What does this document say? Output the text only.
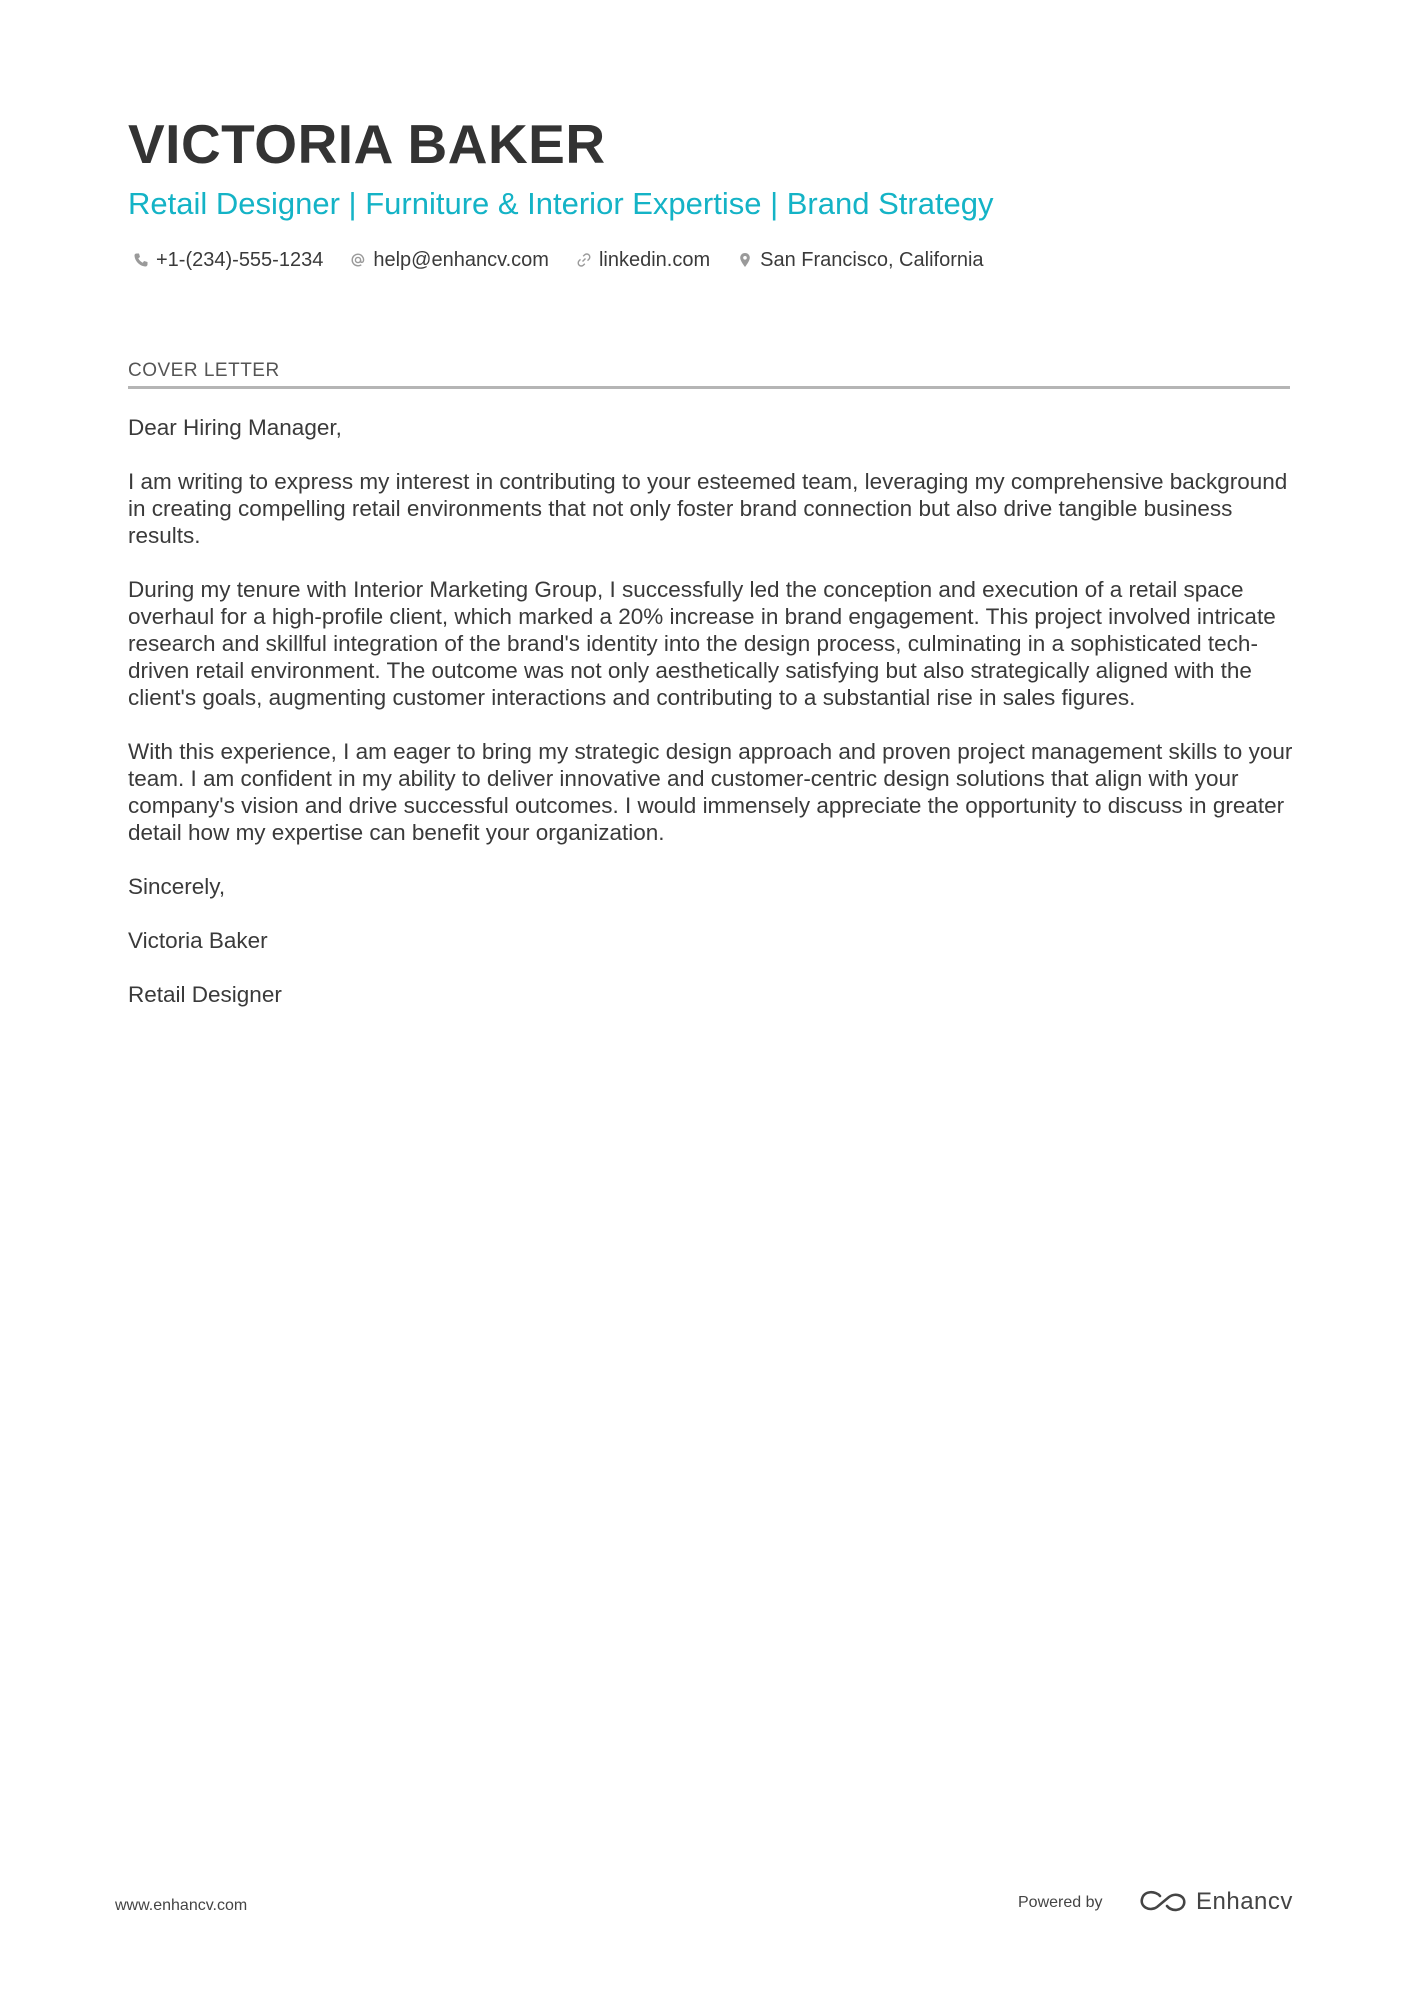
VICTORIA BAKER
Retail Designer | Furniture & Interior Expertise | Brand Strategy
+1-(234)-555-1234	help@enhancv.com	linkedin.com	San Francisco, California
COVER LETTER

Dear Hiring Manager,

I am writing to express my interest in contributing to your esteemed team, leveraging my comprehensive background in creating compelling retail environments that not only foster brand connection but also drive tangible business results.

During my tenure with Interior Marketing Group, I successfully led the conception and execution of a retail space overhaul for a high-profile client, which marked a 20% increase in brand engagement. This project involved intricate research and skillful integration of the brand's identity into the design process, culminating in a sophisticated tech-driven retail environment. The outcome was not only aesthetically satisfying but also strategically aligned with the client's goals, augmenting customer interactions and contributing to a substantial rise in sales figures.

With this experience, I am eager to bring my strategic design approach and proven project management skills to your team. I am confident in my ability to deliver innovative and customer-centric design solutions that align with your company's vision and drive successful outcomes. I would immensely appreciate the opportunity to discuss in greater detail how my expertise can benefit your organization.

Sincerely,

Victoria Baker

Retail Designer

www.enhancv.com	Powered by	Enhancv
